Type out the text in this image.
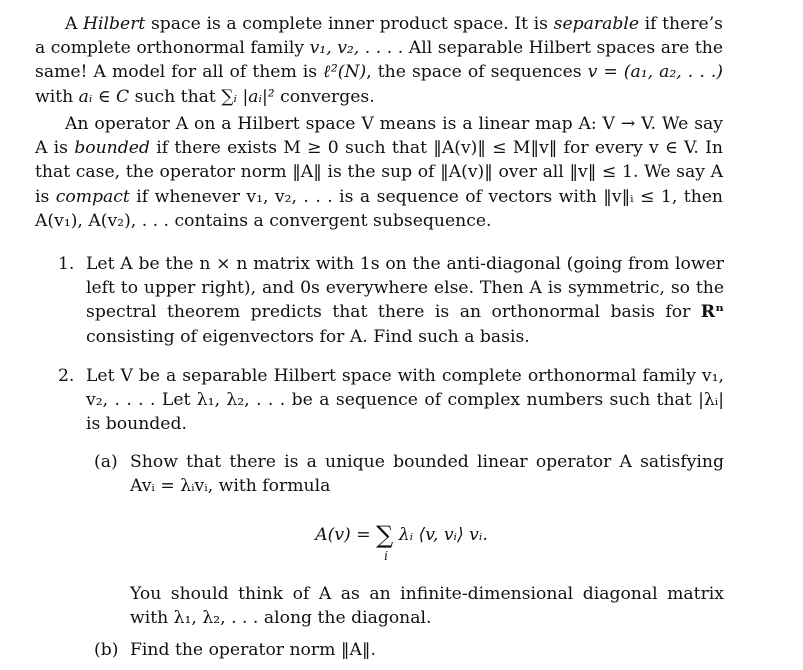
A Hilbert space is a complete inner product space. It is separable if there’s a complete orthonormal family v₁, v₂, . . . . All separable Hilbert spaces are the same! A model for all of them is ℓ²(N), the space of sequences v = (a₁, a₂, . . .) with aᵢ ∈ C such that ∑ᵢ |aᵢ|² converges.

An operator A on a Hilbert space V means is a linear map A: V → V. We say A is bounded if there exists M ≥ 0 such that ‖A(v)‖ ≤ M‖v‖ for every v ∈ V. In that case, the operator norm ‖A‖ is the sup of ‖A(v)‖ over all ‖v‖ ≤ 1. We say A is compact if whenever v₁, v₂, . . . is a sequence of vectors with ‖v‖ᵢ ≤ 1, then A(v₁), A(v₂), . . . contains a convergent subsequence.

1. Let A be the n × n matrix with 1s on the anti-diagonal (going from lower left to upper right), and 0s everywhere else. Then A is symmetric, so the spectral theorem predicts that there is an orthonormal basis for Rⁿ consisting of eigenvectors for A. Find such a basis.
2. Let V be a separable Hilbert space with complete orthonormal family v₁, v₂, . . . . Let λ₁, λ₂, . . . be a sequence of complex numbers such that |λᵢ| is bounded.
(a) Show that there is a unique bounded linear operator A satisfying Avᵢ = λᵢvᵢ, with formula
A(v) = ∑
i
λᵢ ⟨v, vᵢ⟩ vᵢ.
You should think of A as an infinite-dimensional diagonal matrix with λ₁, λ₂, . . . along the diagonal.
(b) Find the operator norm ‖A‖.
